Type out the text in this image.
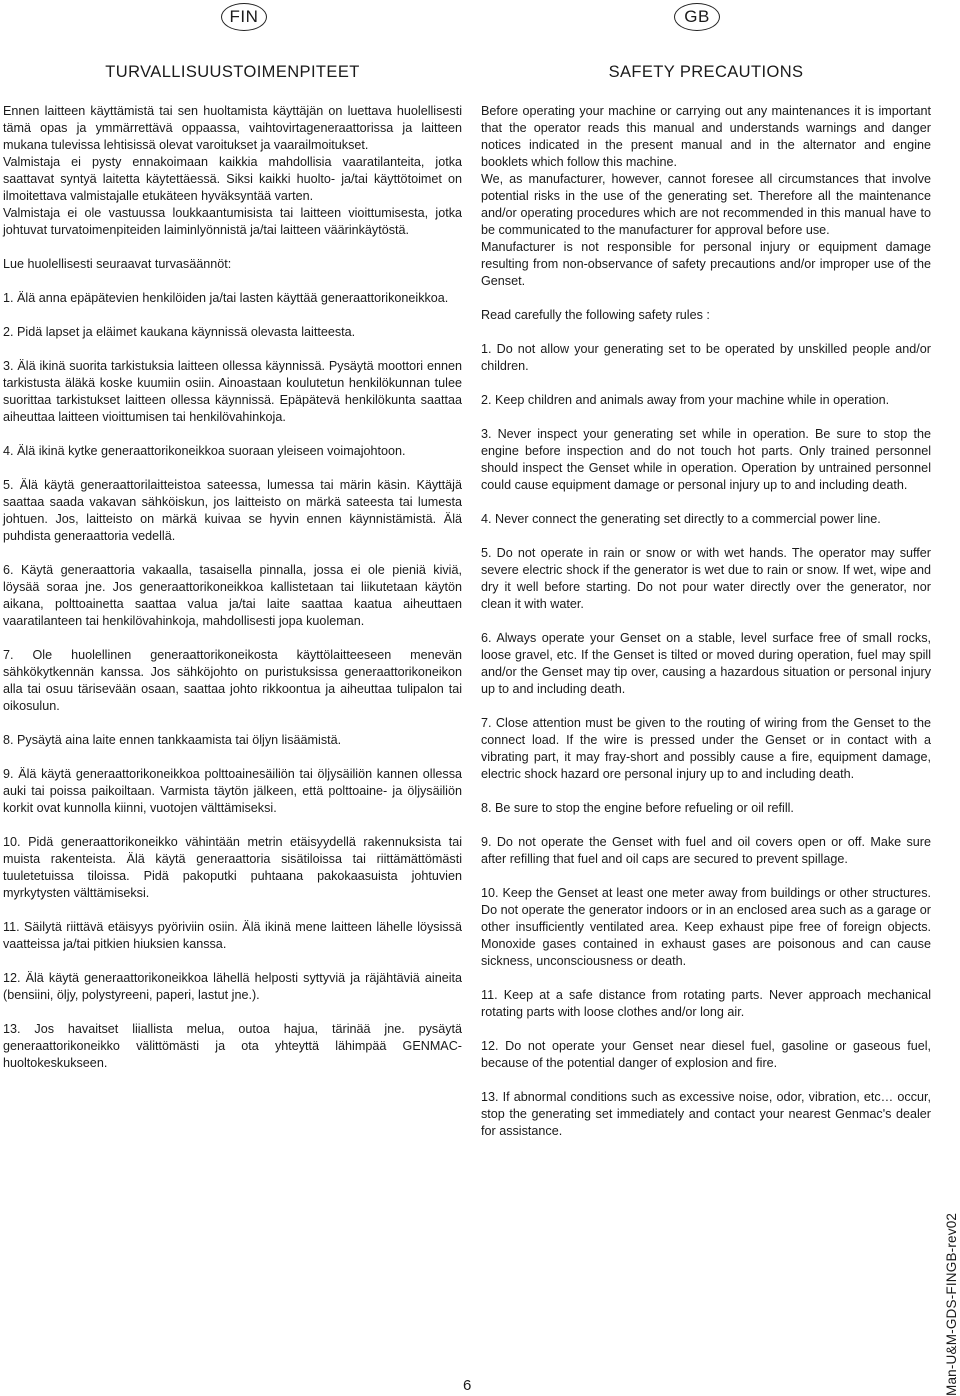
FIN	GB
TURVALLISUUSTOIMENPITEET

Ennen laitteen käyttämistä tai sen huoltamista käyttäjän on luettava huolellisesti tämä opas ja ymmärrettävä oppaassa, vaihtovirtageneraattorissa ja laitteen mukana tulevissa lehtisissä olevat varoitukset ja vaarailmoitukset.

Valmistaja ei pysty ennakoimaan kaikkia mahdollisia vaaratilanteita, jotka saattavat syntyä laitetta käytettäessä. Siksi kaikki huolto- ja/tai käyttötoimet on ilmoitettava valmistajalle etukäteen hyväksyntää varten.

Valmistaja ei ole vastuussa loukkaantumisista tai laitteen vioittumisesta, jotka johtuvat turvatoimenpiteiden laiminlyönnistä ja/tai laitteen väärinkäytöstä.

Lue huolellisesti seuraavat turvasäännöt:

1. Älä anna epäpätevien henkilöiden ja/tai lasten käyttää generaattorikoneikkoa.

2. Pidä lapset ja eläimet kaukana käynnissä olevasta laitteesta.

3. Älä ikinä suorita tarkistuksia laitteen ollessa käynnissä. Pysäytä moottori ennen tarkistusta äläkä koske kuumiin osiin. Ainoastaan koulutetun henkilökunnan tulee suorittaa tarkistukset laitteen ollessa käynnissä. Epäpätevä henkilökunta saattaa aiheuttaa laitteen vioittumisen tai henkilövahinkoja.

4. Älä ikinä kytke generaattorikoneikkoa suoraan yleiseen voimajohtoon.

5. Älä käytä generaattorilaitteistoa sateessa, lumessa tai märin käsin. Käyttäjä saattaa saada vakavan sähköiskun, jos laitteisto on märkä sateesta tai lumesta johtuen. Jos, laitteisto on märkä kuivaa se hyvin ennen käynnistämistä. Älä puhdista generaattoria vedellä.

6. Käytä generaattoria vakaalla, tasaisella pinnalla, jossa ei ole pieniä kiviä, löysää soraa jne. Jos generaattorikoneikkoa kallistetaan tai liikutetaan käytön aikana, polttoainetta saattaa valua ja/tai laite saattaa kaatua aiheuttaen vaaratilanteen tai henkilövahinkoja, mahdollisesti jopa kuoleman.

7. Ole huolellinen generaattorikoneikosta käyttölaitteeseen menevän sähkökytkennän kanssa. Jos sähköjohto on puristuksissa generaattorikoneikon alla tai osuu tärisevään osaan, saattaa johto rikkoontua ja aiheuttaa tulipalon tai oikosulun.

8. Pysäytä aina laite ennen tankkaamista tai öljyn lisäämistä.

9. Älä käytä generaattorikoneikkoa polttoainesäiliön tai öljysäiliön kannen ollessa auki tai poissa paikoiltaan. Varmista täytön jälkeen, että polttoaine- ja öljysäiliön korkit ovat kunnolla kiinni, vuotojen välttämiseksi.

10. Pidä generaattorikoneikko vähintään metrin etäisyydellä rakennuksista tai muista rakenteista. Älä käytä generaattoria sisätiloissa tai riittämättömästi tuuletetuissa tiloissa. Pidä pakoputki puhtaana pakokaasuista johtuvien myrkytysten välttämiseksi.

11. Säilytä riittävä etäisyys pyöriviin osiin. Älä ikinä mene laitteen lähelle löysissä vaatteissa ja/tai pitkien hiuksien kanssa.

12. Älä käytä generaattorikoneikkoa lähellä helposti syttyviä ja räjähtäviä aineita (bensiini, öljy, polystyreeni, paperi, lastut jne.).

13. Jos havaitset liiallista melua, outoa hajua, tärinää jne. pysäytä generaattorikoneikko välittömästi ja ota yhteyttä lähimpää GENMAC-huoltokeskukseen.

SAFETY PRECAUTIONS

Before operating your machine or carrying out any maintenances it is important that the operator reads this manual and understands warnings and danger notices indicated in the present manual and in the alternator and engine booklets which follow this machine.

We, as manufacturer, however, cannot foresee all circumstances that involve potential risks in the use of the generating set. Therefore all the maintenance and/or operating procedures which are not recommended in this manual have to be communicated to the manufacturer for approval before use.

Manufacturer is not responsible for personal injury or equipment damage resulting from non-observance of safety precautions and/or improper use of the Genset.

Read carefully the following safety rules :

1. Do not allow your generating set to be operated by unskilled people and/or children.

2. Keep children and animals away from your machine while in operation.

3. Never inspect your generating set while in operation. Be sure to stop the engine before inspection and do not touch hot parts. Only trained personnel should inspect the Genset while in operation. Operation by untrained personnel could cause equipment damage or personal injury up to and including death.

4. Never connect the generating set directly to a commercial power line.

5. Do not operate in rain or snow or with wet hands. The operator may suffer severe electric shock if the generator is wet due to rain or snow. If wet, wipe and dry it well before starting. Do not pour water directly over the generator, nor clean it with water.

6. Always operate your Genset on a stable, level surface free of small rocks, loose gravel, etc. If the Genset is tilted or moved during operation, fuel may spill and/or the Genset may tip over, causing a hazardous situation or personal injury up to and including death.

7. Close attention must be given to the routing of wiring from the Genset to the connect load. If the wire is pressed under the Genset or in contact with a vibrating part, it may fray-short and possibly cause a fire, equipment damage, electric shock hazard ore personal injury up to and including death.

8. Be sure to stop the engine before refueling or oil refill.

9. Do not operate the Genset with fuel and oil covers open or off. Make sure after refilling that fuel and oil caps are secured to prevent spillage.

10. Keep the Genset at least one meter away from buildings or other structures. Do not operate the generator indoors or in an enclosed area such as a garage or other insufficiently ventilated area. Keep exhaust pipe free of foreign objects. Monoxide gases contained in exhaust gases are poisonous and can cause sickness, unconsciousness or death.

11. Keep at a safe distance from rotating parts. Never approach mechanical rotating parts with loose clothes and/or long air.

12. Do not operate your Genset near diesel fuel, gasoline or gaseous fuel, because of the potential danger of explosion and fire.

13. If abnormal conditions such as excessive noise, odor, vibration, etc… occur, stop the generating set immediately and contact your nearest Genmac's dealer for assistance.

6	Man-U&M-GDS-FINGB-rev02
